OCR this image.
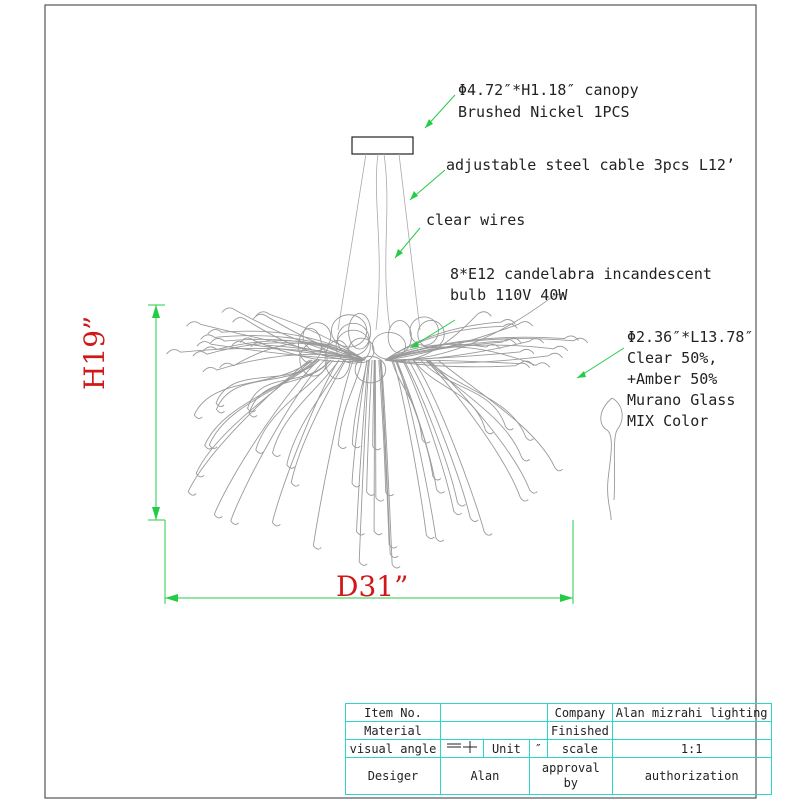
Φ4.72″*H1.18″ canopy
Brushed Nickel 1PCS
adjustable steel cable 3pcs L12’
clear wires
8*E12 candelabra incandescent
bulb 110V 40W
Φ2.36″*L13.78″
Clear 50%,
+Amber 50%
Murano Glass
MIX Color
H19”
D31”
Item No.				Company	Alan mizrahi lighting
Material				Finished	
visual angle		Unit	″	scale	1:1
Desiger	Alan		approval by		authorization
